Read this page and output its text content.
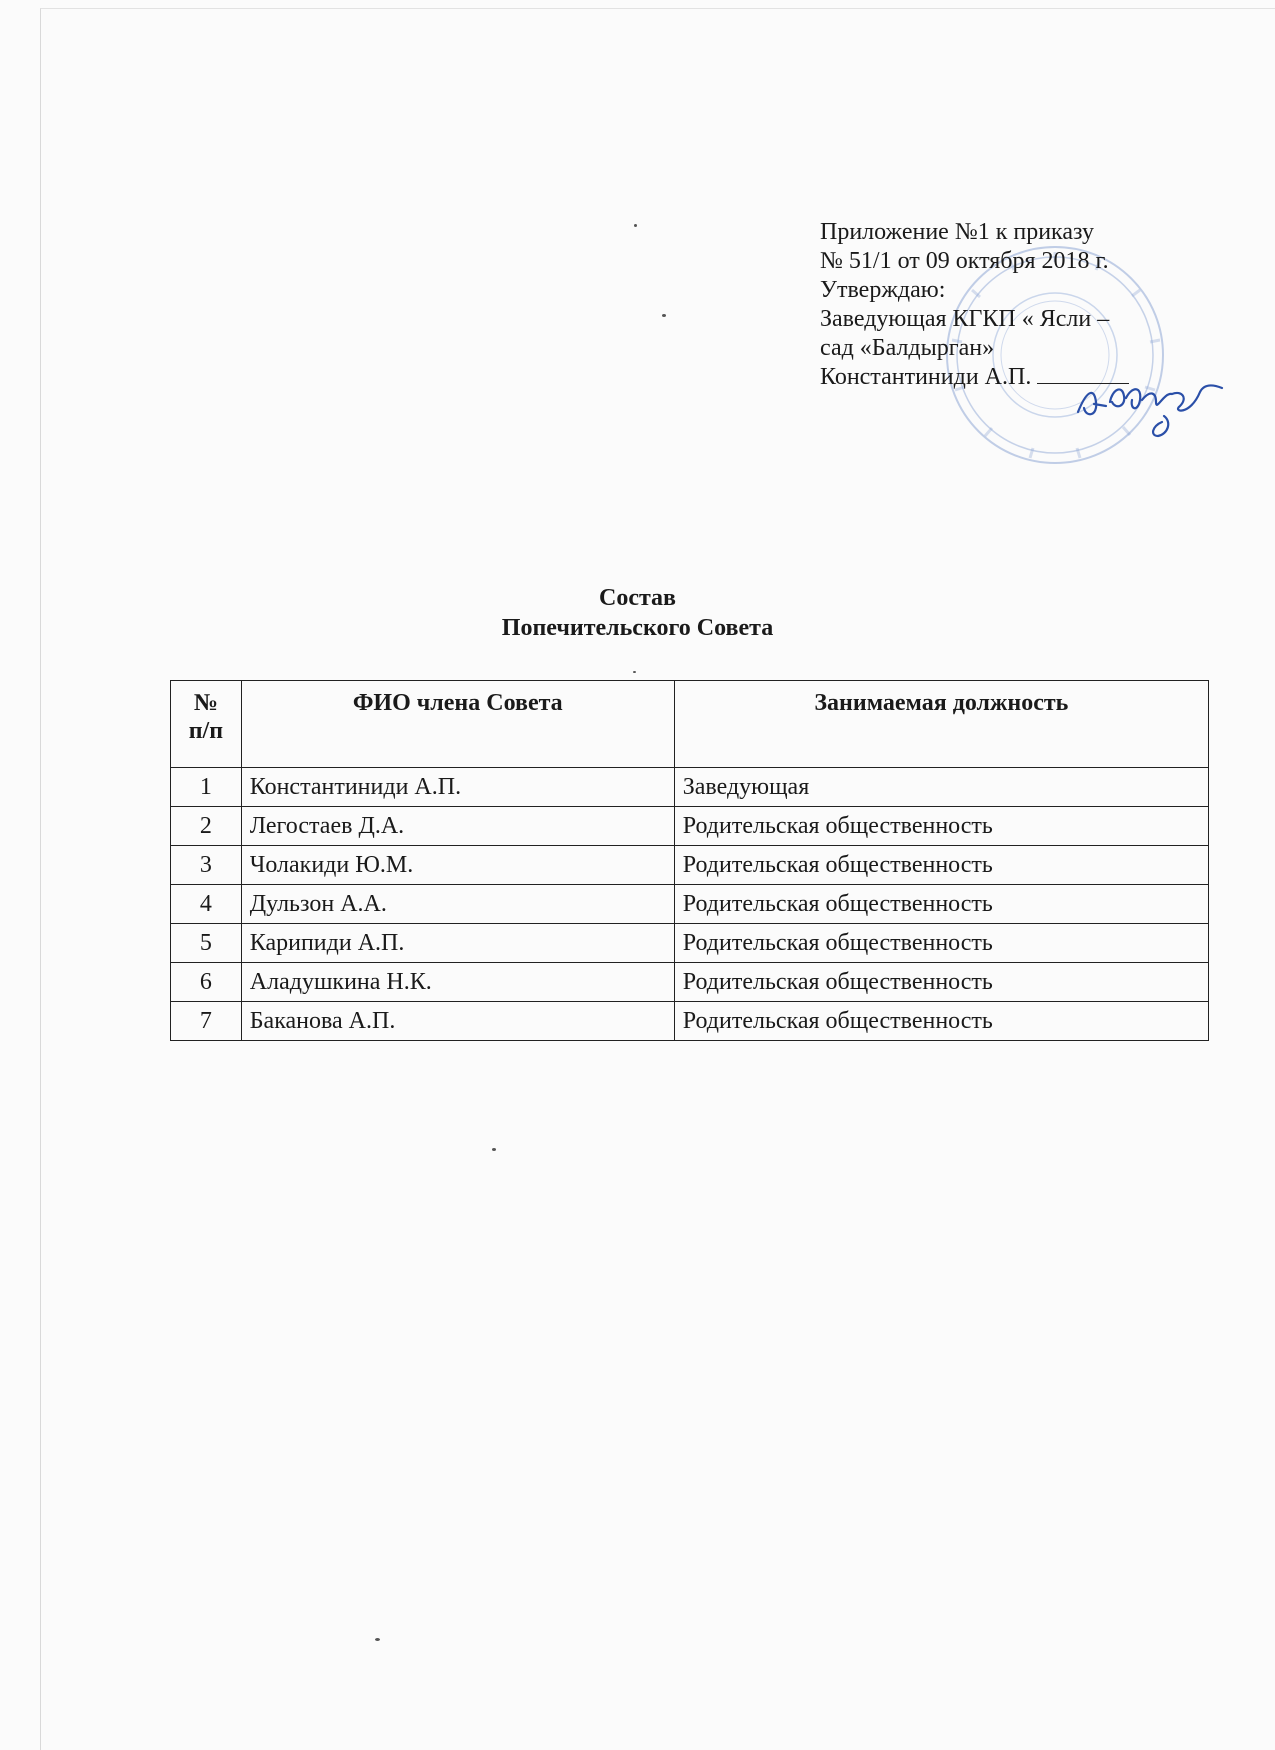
Приложение №1 к приказу
№ 51/1 от 09 октября 2018 г.
Утверждаю:
Заведующая КГКП « Ясли –
сад «Балдырган»
Константиниди А.П.
Состав
Попечительского Совета
№
п/п	ФИО члена Совета	Занимаемая должность
1	Константиниди А.П.	Заведующая
2	Легостаев Д.А.	Родительская общественность
3	Чолакиди Ю.М.	Родительская общественность
4	Дульзон А.А.	Родительская общественность
5	Карипиди А.П.	Родительская общественность
6	Аладушкина Н.К.	Родительская общественность
7	Баканова А.П.	Родительская общественность
